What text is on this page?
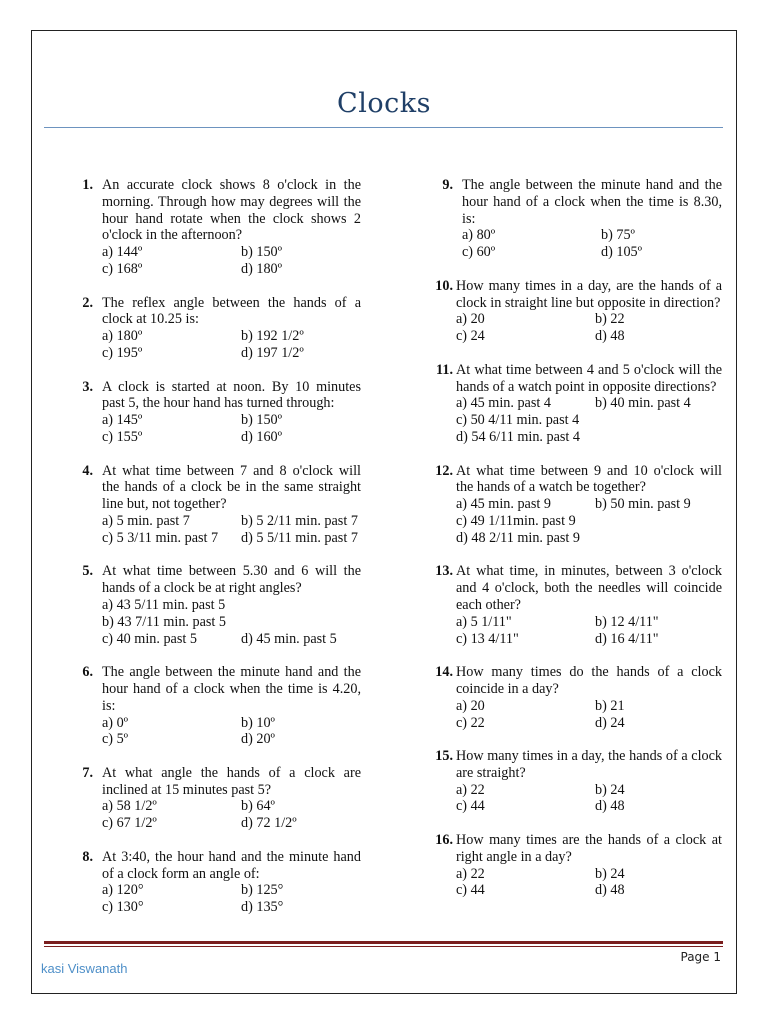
Clocks
1. An accurate clock shows 8 o'clock in the morning. Through how may degrees will the hour hand rotate when the clock shows 2 o'clock in the afternoon?
a) 144º	b) 150º
c) 168º	d) 180º
2. The reflex angle between the hands of a clock at 10.25 is:
a) 180º	b) 192 1/2º
c) 195º	d) 197 1/2º
3. A clock is started at noon. By 10 minutes past 5, the hour hand has turned through:
a) 145º	b) 150º
c) 155º	d) 160º
4. At what time between 7 and 8 o'clock will the hands of a clock be in the same straight line but, not together?
a) 5 min. past 7	b) 5 2/11 min. past 7
c) 5 3/11 min. past 7	d) 5 5/11 min. past 7
5. At what time between 5.30 and 6 will the hands of a clock be at right angles?
a) 43 5/11 min. past 5
b) 43 7/11 min. past 5
c) 40 min. past 5	d) 45 min. past 5
6. The angle between the minute hand and the hour hand of a clock when the time is 4.20, is:
a) 0º	b) 10º
c) 5º	d) 20º
7. At what angle the hands of a clock are inclined at 15 minutes past 5?
a) 58 1/2º	b) 64º
c) 67 1/2º	d) 72 1/2º
8. At 3:40, the hour hand and the minute hand of a clock form an angle of:
a) 120°	b) 125°
c) 130°	d) 135°
9. The angle between the minute hand and the hour hand of a clock when the time is 8.30, is:
a) 80º	b) 75º
c) 60º	d) 105º
10. How many times in a day, are the hands of a clock in straight line but opposite in direction?
a) 20	b) 22
c) 24	d) 48
11. At what time between 4 and 5 o'clock will the hands of a watch point in opposite directions?
a) 45 min. past 4	b) 40 min. past 4
c) 50 4/11 min. past 4
d) 54 6/11 min. past 4
12. At what time between 9 and 10 o'clock will the hands of a watch be together?
a) 45 min. past 9	b) 50 min. past 9
c) 49 1/11min. past 9
d) 48 2/11 min. past 9
13. At what time, in minutes, between 3 o'clock and 4 o'clock, both the needles will coincide each other?
a) 5 1/11"	b) 12 4/11"
c) 13 4/11"	d) 16 4/11"
14. How many times do the hands of a clock coincide in a day?
a) 20	b) 21
c) 22	d) 24
15. How many times in a day, the hands of a clock are straight?
a) 22	b) 24
c) 44	d) 48
16. How many times are the hands of a clock at right angle in a day?
a) 22	b) 24
c) 44	d) 48
Page 1
kasi Viswanath
